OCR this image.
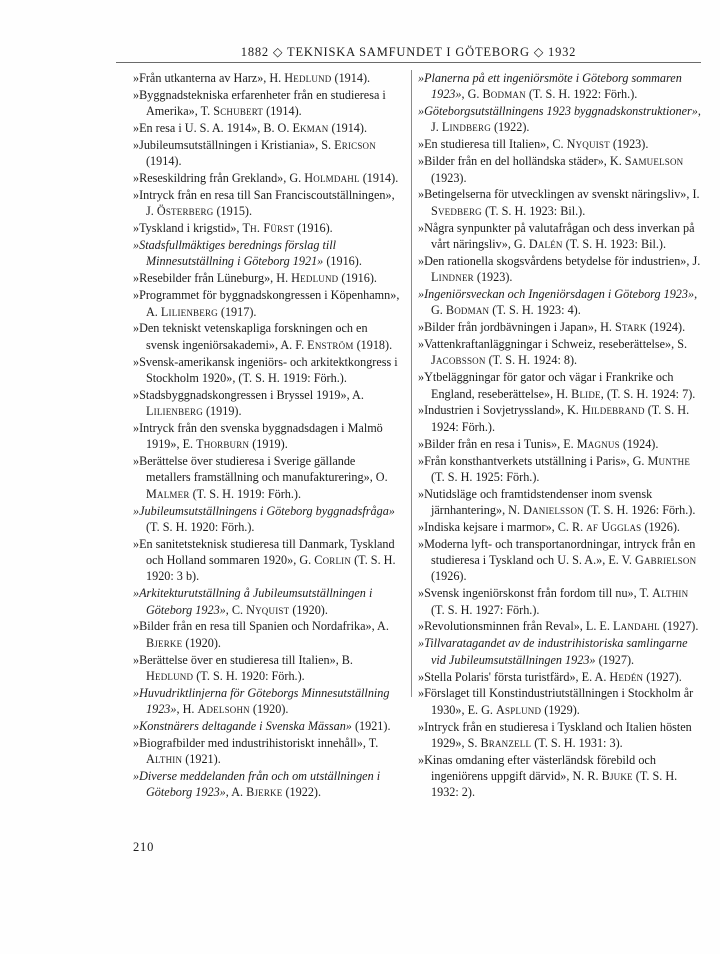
1882 ◇ TEKNISKA SAMFUNDET I GÖTEBORG ◇ 1932

»Från utkanterna av Harz», H. Hedlund (1914).

»Byggnadstekniska erfarenheter från en studieresa i Amerika», T. Schubert (1914).

»En resa i U. S. A. 1914», B. O. Ekman (1914).

»Jubileumsutställningen i Kristiania», S. Ericson (1914).

»Reseskildring från Grekland», G. Holmdahl (1914).

»Intryck från en resa till San Franciscoutställningen», J. Österberg (1915).

»Tyskland i krigstid», Th. Fürst (1916).

»Stadsfullmäktiges berednings förslag till Minnesutställning i Göteborg 1921» (1916).

»Resebilder från Lüneburg», H. Hedlund (1916).

»Programmet för byggnadskongressen i Köpenhamn», A. Lilienberg (1917).

»Den tekniskt vetenskapliga forskningen och en svensk ingeniörsakademi», A. F. Enström (1918).

»Svensk-amerikansk ingeniörs- och arkitektkongress i Stockholm 1920», (T. S. H. 1919: Förh.).

»Stadsbyggnadskongressen i Bryssel 1919», A. Lilienberg (1919).

»Intryck från den svenska byggnadsdagen i Malmö 1919», E. Thorburn (1919).

»Berättelse över studieresa i Sverige gällande metallers framställning och manufakturering», O. Malmer (T. S. H. 1919: Förh.).

»Jubileumsutställningens i Göteborg byggnadsfråga» (T. S. H. 1920: Förh.).

»En sanitetsteknisk studieresa till Danmark, Tyskland och Holland sommaren 1920», G. Corlin (T. S. H. 1920: 3 b).

»Arkitekturutställning å Jubileumsutställningen i Göteborg 1923», C. Nyquist (1920).

»Bilder från en resa till Spanien och Nordafrika», A. Bjerke (1920).

»Berättelse över en studieresa till Italien», B. Hedlund (T. S. H. 1920: Förh.).

»Huvudriktlinjerna för Göteborgs Minnesutställning 1923», H. Adelsohn (1920).

»Konstnärers deltagande i Svenska Mässan» (1921).

»Biografbilder med industrihistoriskt innehåll», T. Althin (1921).

»Diverse meddelanden från och om utställningen i Göteborg 1923», A. Bjerke (1922).

»Planerna på ett ingeniörsmöte i Göteborg sommaren 1923», G. Bodman (T. S. H. 1922: Förh.).

»Göteborgsutställningens 1923 byggnadskonstruktioner», J. Lindberg (1922).

»En studieresa till Italien», C. Nyquist (1923).

»Bilder från en del holländska städer», K. Samuelson (1923).

»Betingelserna för utvecklingen av svenskt näringsliv», I. Svedberg (T. S. H. 1923: Bil.).

»Några synpunkter på valutafrågan och dess inverkan på vårt näringsliv», G. Dalén (T. S. H. 1923: Bil.).

»Den rationella skogsvårdens betydelse för industrien», J. Lindner (1923).

»Ingeniörsveckan och Ingeniörsdagen i Göteborg 1923», G. Bodman (T. S. H. 1923: 4).

»Bilder från jordbävningen i Japan», H. Stark (1924).

»Vattenkraftanläggningar i Schweiz, reseberättelse», S. Jacobsson (T. S. H. 1924: 8).

»Ytbeläggningar för gator och vägar i Frankrike och England, reseberättelse», H. Blide, (T. S. H. 1924: 7).

»Industrien i Sovjetryssland», K. Hildebrand (T. S. H. 1924: Förh.).

»Bilder från en resa i Tunis», E. Magnus (1924).

»Från konsthantverkets utställning i Paris», G. Munthe (T. S. H. 1925: Förh.).

»Nutidsläge och framtidstendenser inom svensk järnhantering», N. Danielsson (T. S. H. 1926: Förh.).

»Indiska kejsare i marmor», C. R. af Ugglas (1926).

»Moderna lyft- och transportanordningar, intryck från en studieresa i Tyskland och U. S. A.», E. V. Gabrielson (1926).

»Svensk ingeniörskonst från fordom till nu», T. Althin (T. S. H. 1927: Förh.).

»Revolutionsminnen från Reval», L. E. Landahl (1927).

»Tillvaratagandet av de industrihistoriska samlingarne vid Jubileumsutställningen 1923» (1927).

»Stella Polaris' första turistfärd», E. A. Hedén (1927).

»Förslaget till Konstindustriutställningen i Stockholm år 1930», E. G. Asplund (1929).

»Intryck från en studieresa i Tyskland och Italien hösten 1929», S. Branzell (T. S. H. 1931: 3).

»Kinas omdaning efter västerländsk förebild och ingeniörens uppgift därvid», N. R. Bjuke (T. S. H. 1932: 2).

210
